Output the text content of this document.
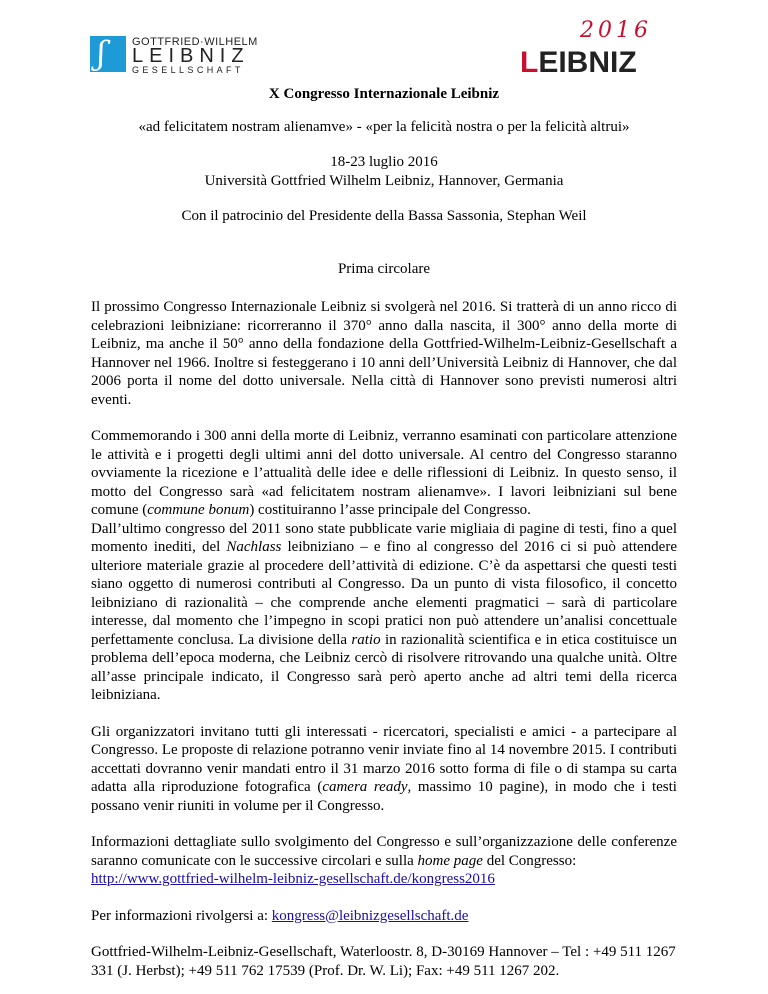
ʃ GOTTFRIED·WILHELM
LEIBNIZ
GESELLSCHAFT
2016
LEIBNIZ
X Congresso Internazionale Leibniz
«ad felicitatem nostram alienamve» - «per la felicità nostra o per la felicità altrui»
18-23 luglio 2016
Università Gottfried Wilhelm Leibniz, Hannover, Germania
Con il patrocinio del Presidente della Bassa Sassonia, Stephan Weil
Prima circolare

Il prossimo Congresso Internazionale Leibniz si svolgerà nel 2016. Si tratterà di un anno ricco di celebrazioni leibniziane: ricorreranno il 370° anno dalla nascita, il 300° anno della morte di Leibniz, ma anche il 50° anno della fondazione della Gottfried-Wilhelm-Leibniz-Gesellschaft a Hannover nel 1966. Inoltre si festeggerano i 10 anni dell’Università Leibniz di Hannover, che dal 2006 porta il nome del dotto universale. Nella città di Hannover sono previsti numerosi altri eventi.

Commemorando i 300 anni della morte di Leibniz, verranno esaminati con particolare attenzione le attività e i progetti degli ultimi anni del dotto universale. Al centro del Congresso staranno ovviamente la ricezione e l’attualità delle idee e delle riflessioni di Leibniz. In questo senso, il motto del Congresso sarà «ad felicitatem nostram alienamve». I lavori leibniziani sul bene comune (commune bonum) costituiranno l’asse principale del Congresso.

Dall’ultimo congresso del 2011 sono state pubblicate varie migliaia di pagine di testi, fino a quel momento inediti, del Nachlass leibniziano – e fino al congresso del 2016 ci si può attendere ulteriore materiale grazie al procedere dell’attività di edizione. C’è da aspettarsi che questi testi siano oggetto di numerosi contributi al Congresso. Da un punto di vista filosofico, il concetto leibniziano di razionalità – che comprende anche elementi pragmatici – sarà di particolare interesse, dal momento che l’impegno in scopi pratici non può attendere un’analisi concettuale perfettamente conclusa. La divisione della ratio in razionalità scientifica e in etica costituisce un problema dell’epoca moderna, che Leibniz cercò di risolvere ritrovando una qualche unità. Oltre all’asse principale indicato, il Congresso sarà però aperto anche ad altri temi della ricerca leibniziana.

Gli organizzatori invitano tutti gli interessati - ricercatori, specialisti e amici - a partecipare al Congresso. Le proposte di relazione potranno venir inviate fino al 14 novembre 2015. I contributi accettati dovranno venir mandati entro il 31 marzo 2016 sotto forma di file o di stampa su carta adatta alla riproduzione fotografica (camera ready, massimo 10 pagine), in modo che i testi possano venir riuniti in volume per il Congresso.

Informazioni dettagliate sullo svolgimento del Congresso e sull’organizzazione delle conferenze saranno comunicate con le successive circolari e sulla home page del Congresso:
http://www.gottfried-wilhelm-leibniz-gesellschaft.de/kongress2016

Per informazioni rivolgersi a: kongress@leibnizgesellschaft.de

Gottfried-Wilhelm-Leibniz-Gesellschaft, Waterloostr. 8, D-30169 Hannover – Tel : +49 511 1267 331 (J. Herbst); +49 511 762 17539 (Prof. Dr. W. Li); Fax: +49 511 1267 202.
